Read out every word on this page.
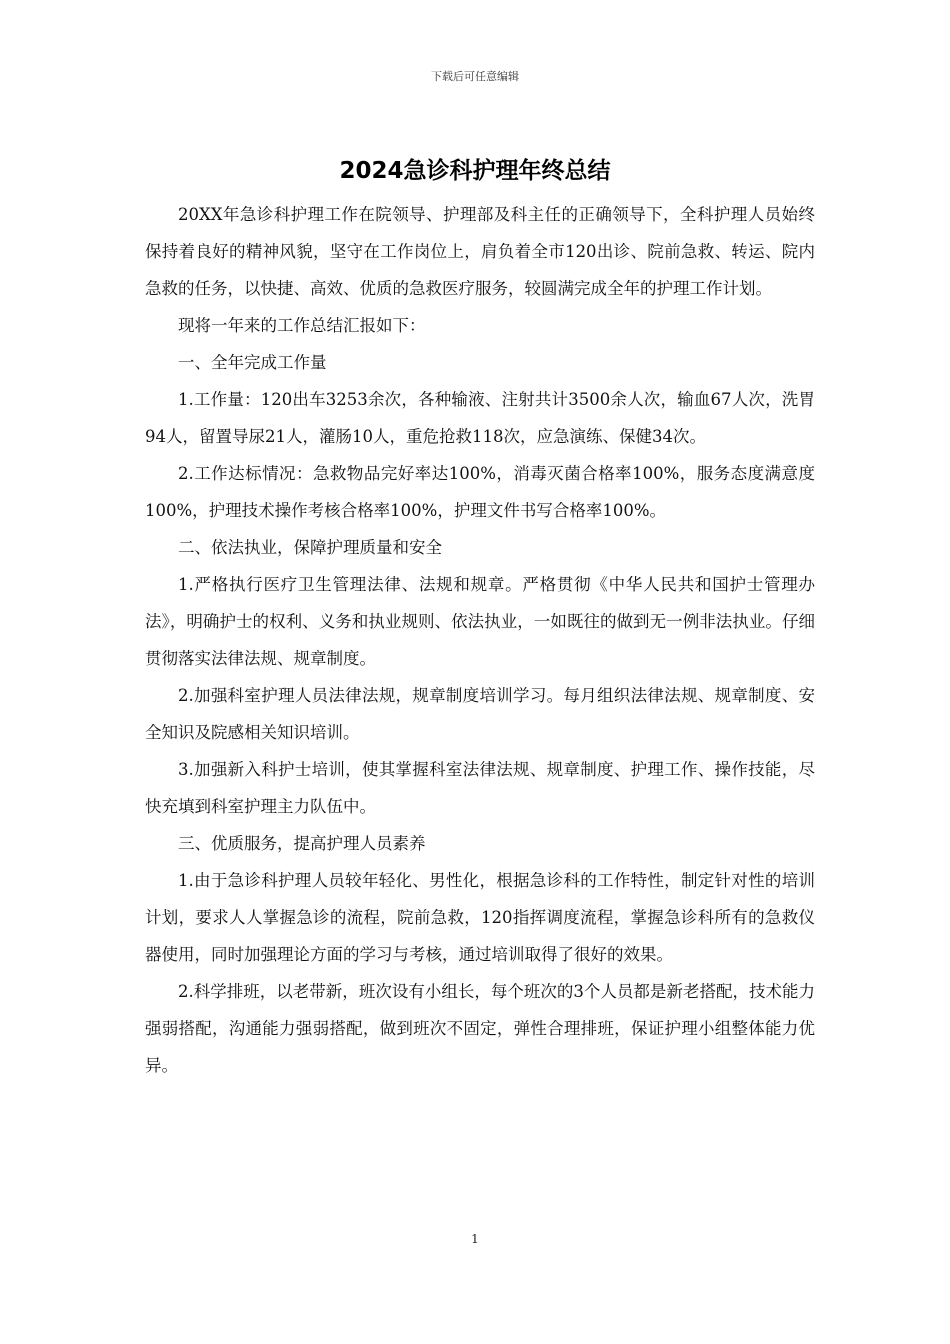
下载后可任意编辑
2024急诊科护理年终总结

20XX年急诊科护理工作在院领导、护理部及科主任的正确领导下，全科护理人员始终保持着良好的精神风貌，坚守在工作岗位上，肩负着全市120出诊、院前急救、转运、院内急救的任务，以快捷、高效、优质的急救医疗服务，较圆满完成全年的护理工作计划。

现将一年来的工作总结汇报如下：

一、全年完成工作量

1.工作量：120出车3253余次，各种输液、注射共计3500余人次，输血67人次，洗胃94人，留置导尿21人，灌肠10人，重危抢救118次，应急演练、保健34次。

2.工作达标情况：急救物品完好率达100%，消毒灭菌合格率100%，服务态度满意度100%，护理技术操作考核合格率100%，护理文件书写合格率100%。

二、依法执业，保障护理质量和安全

1.严格执行医疗卫生管理法律、法规和规章。严格贯彻《中华人民共和国护士管理办法》，明确护士的权利、义务和执业规则、依法执业，一如既往的做到无一例非法执业。仔细贯彻落实法律法规、规章制度。

2.加强科室护理人员法律法规，规章制度培训学习。每月组织法律法规、规章制度、安全知识及院感相关知识培训。

3.加强新入科护士培训，使其掌握科室法律法规、规章制度、护理工作、操作技能，尽快充填到科室护理主力队伍中。

三、优质服务，提高护理人员素养

1.由于急诊科护理人员较年轻化、男性化，根据急诊科的工作特性，制定针对性的培训计划，要求人人掌握急诊的流程，院前急救，120指挥调度流程，掌握急诊科所有的急救仪器使用，同时加强理论方面的学习与考核，通过培训取得了很好的效果。

2.科学排班，以老带新，班次设有小组长，每个班次的3个人员都是新老搭配，技术能力强弱搭配，沟通能力强弱搭配，做到班次不固定，弹性合理排班，保证护理小组整体能力优异。

1
